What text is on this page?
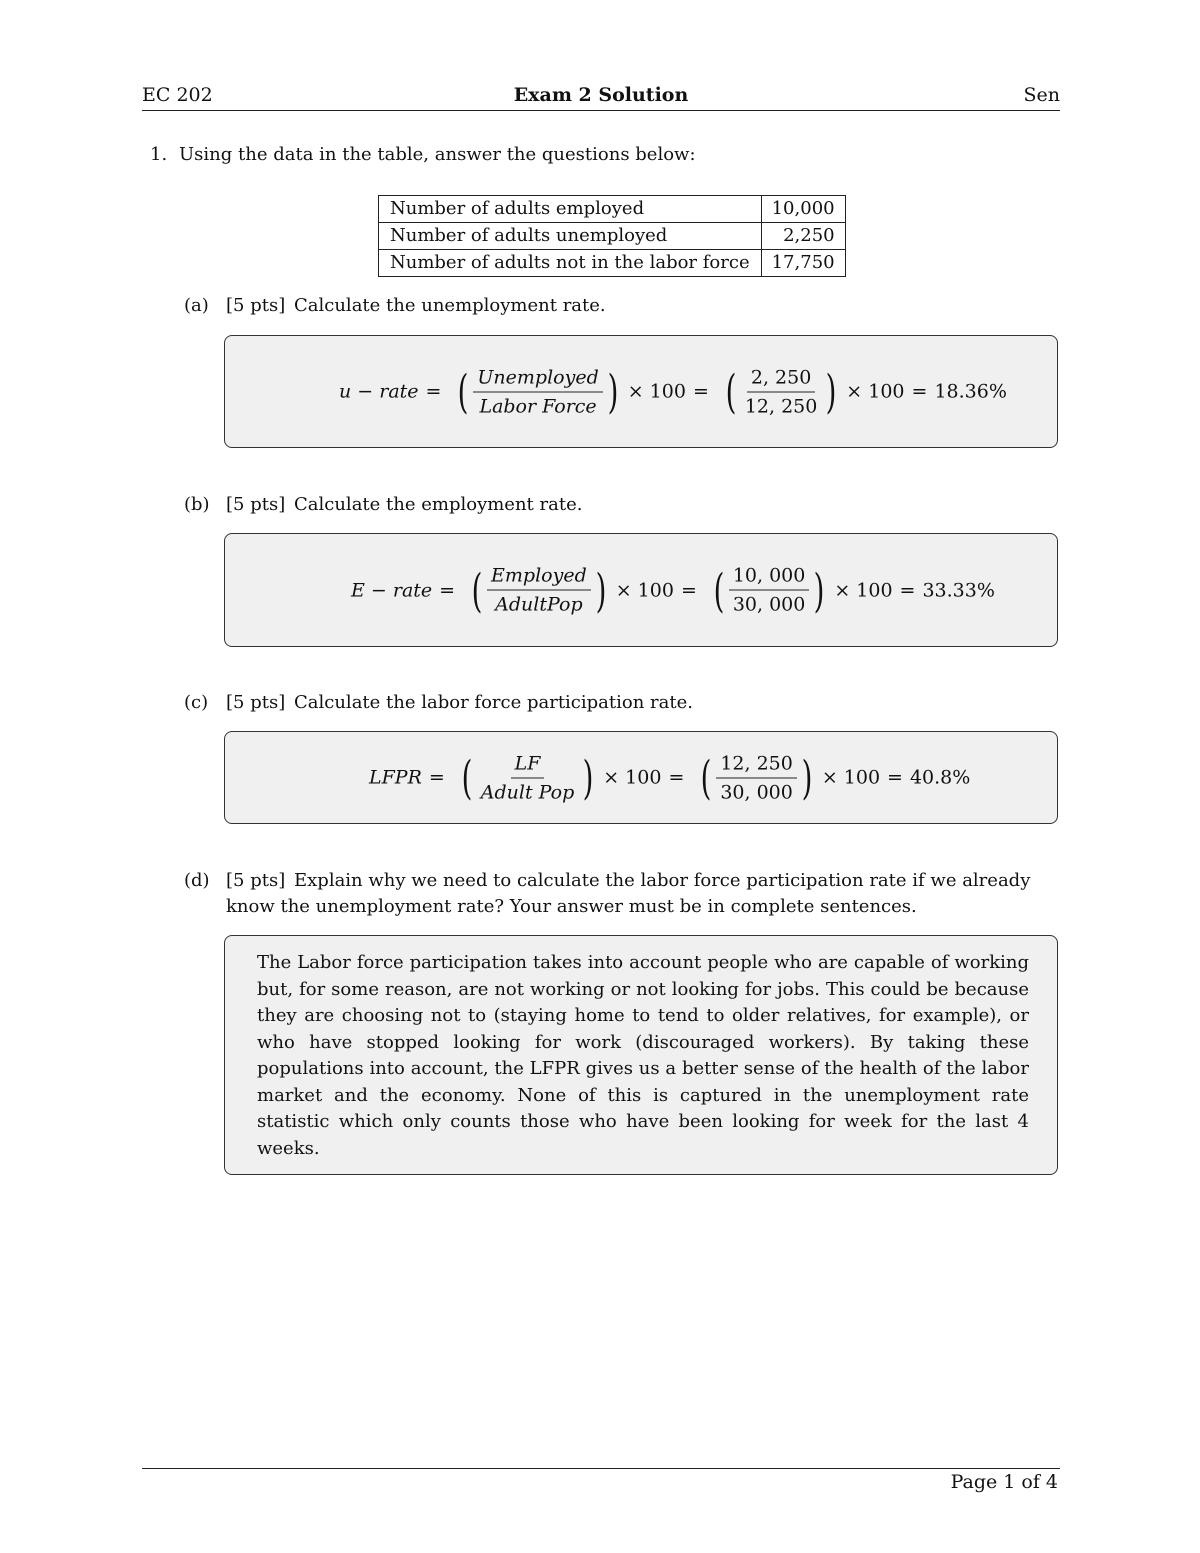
EC 202	Exam 2 Solution	Sen
1. Using the data in the table, answer the questions below:
Number of adults employed	10,000
Number of adults unemployed	2,250
Number of adults not in the labor force	17,750
(a) [5 pts] Calculate the unemployment rate.
u − rate = ( $\frac{\text{Unemployed}}{\text{Labor Force}}$ ) × 100 = ( $\frac{2, 250}{12, 250}$ ) × 100 = 18.36%
(b) [5 pts] Calculate the employment rate.
E − rate = ( $\frac{\text{Employed}}{\text{AdultPop}}$ ) × 100 = ( $\frac{10, 000}{30, 000}$ ) × 100 = 33.33%
(c) [5 pts] Calculate the labor force participation rate.
LFPR = ( $\frac{LF}{\text{Adult Pop}}$ ) × 100 = ( $\frac{12, 250}{30, 000}$ ) × 100 = 40.8%
(d) [5 pts] Explain why we need to calculate the labor force participation rate if we already know the unemployment rate? Your answer must be in complete sentences.
The Labor force participation takes into account people who are capable of working but, for some reason, are not working or not looking for jobs. This could be because they are choosing not to (staying home to tend to older relatives, for example), or who have stopped looking for work (discouraged workers). By taking these populations into account, the LFPR gives us a better sense of the health of the labor market and the economy. None of this is captured in the unemployment rate statistic which only counts those who have been looking for week for the last 4 weeks.
Page 1 of 4
